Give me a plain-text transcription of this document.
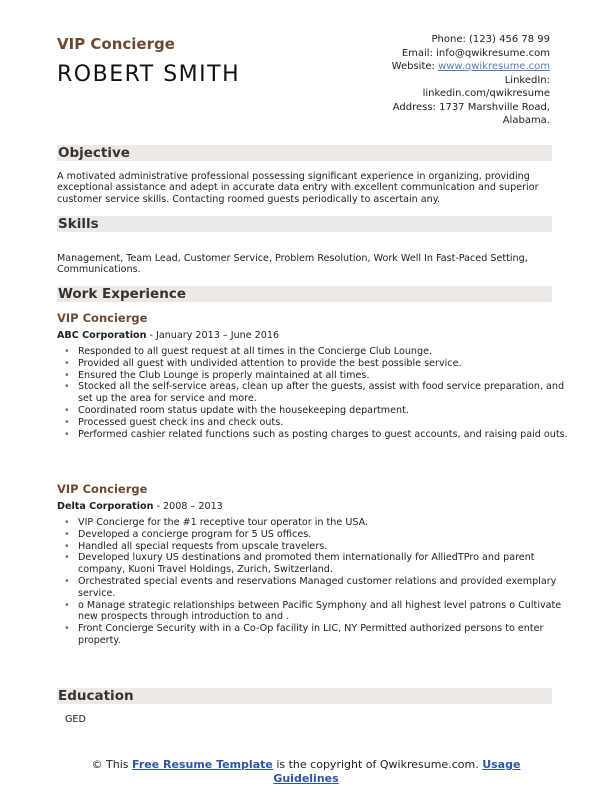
VIP Concierge
ROBERT SMITH
Phone: (123) 456 78 99
Email: info@qwikresume.com
Website: www.qwikresume.com
LinkedIn:
linkedin.com/qwikresume
Address: 1737 Marshville Road,
Alabama.
Objective
A motivated administrative professional possessing significant experience in organizing, providing exceptional assistance and adept in accurate data entry with excellent communication and superior customer service skills. Contacting roomed guests periodically to ascertain any.
Skills
Management, Team Lead, Customer Service, Problem Resolution, Work Well In Fast-Paced Setting, Communications.
Work Experience
VIP Concierge
ABC Corporation - January 2013 – June 2016
• Responded to all guest request at all times in the Concierge Club Lounge.
• Provided all guest with undivided attention to provide the best possible service.
• Ensured the Club Lounge is properly maintained at all times.
• Stocked all the self-service areas, clean up after the guests, assist with food service preparation, and set up the area for service and more.
• Coordinated room status update with the housekeeping department.
• Processed guest check ins and check outs.
• Performed cashier related functions such as posting charges to guest accounts, and raising paid outs.
VIP Concierge
Delta Corporation - 2008 – 2013
• VIP Concierge for the #1 receptive tour operator in the USA.
• Developed a concierge program for 5 US offices.
• Handled all special requests from upscale travelers.
• Developed luxury US destinations and promoted them internationally for AlliedTPro and parent company, Kuoni Travel Holdings, Zurich, Switzerland.
• Orchestrated special events and reservations Managed customer relations and provided exemplary service.
• o Manage strategic relationships between Pacific Symphony and all highest level patrons o Cultivate new prospects through introduction to and .
• Front Concierge Security with in a Co-Op facility in LIC, NY Permitted authorized persons to enter property.
Education
GED
© This Free Resume Template is the copyright of Qwikresume.com. Usage
Guidelines
